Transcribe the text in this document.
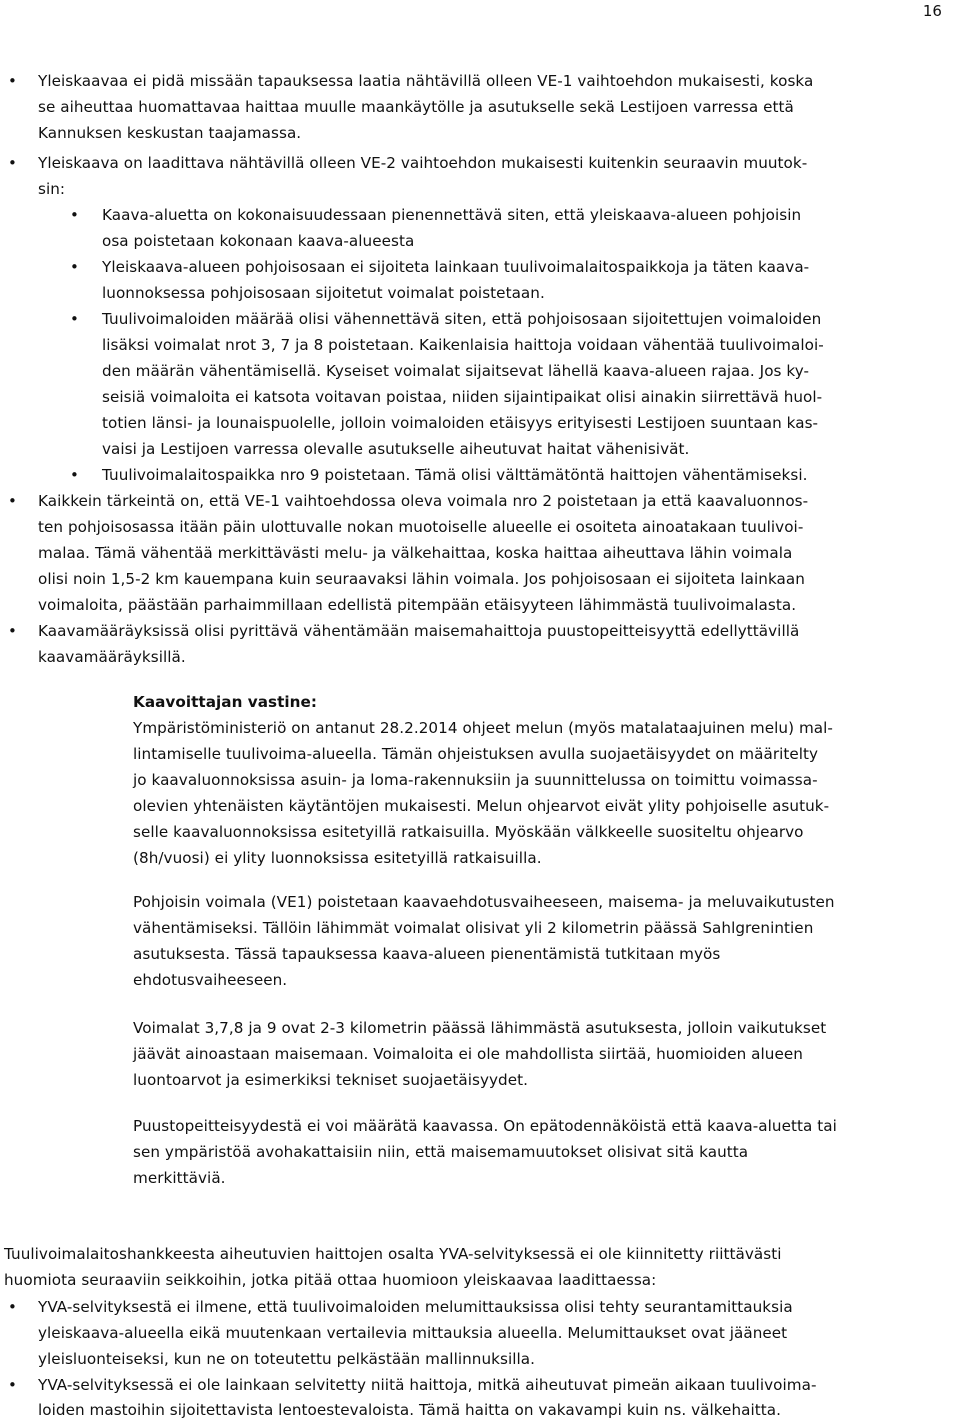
16
• Yleiskaavaa ei pidä missään tapauksessa laatia nähtävillä olleen VE-1 vaihtoehdon mukaisesti, koska
se aiheuttaa huomattavaa haittaa muulle maankäytölle ja asutukselle sekä Lestijoen varressa että
Kannuksen keskustan taajamassa.
• Yleiskaava on laadittava nähtävillä olleen VE-2 vaihtoehdon mukaisesti kuitenkin seuraavin muutok-
sin:
• Kaava-aluetta on kokonaisuudessaan pienennettävä siten, että yleiskaava-alueen pohjoisin
osa poistetaan kokonaan kaava-alueesta
• Yleiskaava-alueen pohjoisosaan ei sijoiteta lainkaan tuulivoimalaitospaikkoja ja täten kaava-
luonnoksessa pohjoisosaan sijoitetut voimalat poistetaan.
• Tuulivoimaloiden määrää olisi vähennettävä siten, että pohjoisosaan sijoitettujen voimaloiden
lisäksi voimalat nrot 3, 7 ja 8 poistetaan. Kaikenlaisia haittoja voidaan vähentää tuulivoimaloi-
den määrän vähentämisellä. Kyseiset voimalat sijaitsevat lähellä kaava-alueen rajaa. Jos ky-
seisiä voimaloita ei katsota voitavan poistaa, niiden sijaintipaikat olisi ainakin siirrettävä huol-
totien länsi- ja lounaispuolelle, jolloin voimaloiden etäisyys erityisesti Lestijoen suuntaan kas-
vaisi ja Lestijoen varressa olevalle asutukselle aiheutuvat haitat vähenisivät.
• Tuulivoimalaitospaikka nro 9 poistetaan. Tämä olisi välttämätöntä haittojen vähentämiseksi.
• Kaikkein tärkeintä on, että VE-1 vaihtoehdossa oleva voimala nro 2 poistetaan ja että kaavaluonnos-
ten pohjoisosassa itään päin ulottuvalle nokan muotoiselle alueelle ei osoiteta ainoatakaan tuulivoi-
malaa. Tämä vähentää merkittävästi melu- ja välkehaittaa, koska haittaa aiheuttava lähin voimala
olisi noin 1,5-2 km kauempana kuin seuraavaksi lähin voimala. Jos pohjoisosaan ei sijoiteta lainkaan
voimaloita, päästään parhaimmillaan edellistä pitempään etäisyyteen lähimmästä tuulivoimalasta.
• Kaavamääräyksissä olisi pyrittävä vähentämään maisemahaittoja puustopeitteisyyttä edellyttävillä
kaavamääräyksillä.
Kaavoittajan vastine:
Ympäristöministeriö on antanut 28.2.2014 ohjeet melun (myös matalataajuinen melu) mal-
lintamiselle tuulivoima-alueella. Tämän ohjeistuksen avulla suojaetäisyydet on määritelty
jo kaavaluonnoksissa asuin- ja loma-rakennuksiin ja suunnittelussa on toimittu voimassa-
olevien yhtenäisten käytäntöjen mukaisesti. Melun ohjearvot eivät ylity pohjoiselle asutuk-
selle kaavaluonnoksissa esitetyillä ratkaisuilla. Myöskään välkkeelle suositeltu ohjearvo
(8h/vuosi) ei ylity luonnoksissa esitetyillä ratkaisuilla.
Pohjoisin voimala (VE1) poistetaan kaavaehdotusvaiheeseen, maisema- ja meluvaikutusten
vähentämiseksi. Tällöin lähimmät voimalat olisivat yli 2 kilometrin päässä Sahlgrenintien
asutuksesta. Tässä tapauksessa kaava-alueen pienentämistä tutkitaan myös
ehdotusvaiheeseen.
Voimalat 3,7,8 ja 9 ovat 2-3 kilometrin päässä lähimmästä asutuksesta, jolloin vaikutukset
jäävät ainoastaan maisemaan. Voimaloita ei ole mahdollista siirtää, huomioiden alueen
luontoarvot ja esimerkiksi tekniset suojaetäisyydet.
Puustopeitteisyydestä ei voi määrätä kaavassa. On epätodennäköistä että kaava-aluetta tai
sen ympäristöä avohakattaisiin niin, että maisemamuutokset olisivat sitä kautta
merkittäviä.
Tuulivoimalaitoshankkeesta aiheutuvien haittojen osalta YVA-selvityksessä ei ole kiinnitetty riittävästi
huomiota seuraaviin seikkoihin, jotka pitää ottaa huomioon yleiskaavaa laadittaessa:
• YVA-selvityksestä ei ilmene, että tuulivoimaloiden melumittauksissa olisi tehty seurantamittauksia
yleiskaava-alueella eikä muutenkaan vertailevia mittauksia alueella. Melumittaukset ovat jääneet
yleisluonteiseksi, kun ne on toteutettu pelkästään mallinnuksilla.
• YVA-selvityksessä ei ole lainkaan selvitetty niitä haittoja, mitkä aiheutuvat pimeän aikaan tuulivoima-
loiden mastoihin sijoitettavista lentoestevaloista. Tämä haitta on vakavampi kuin ns. välkehaitta.
